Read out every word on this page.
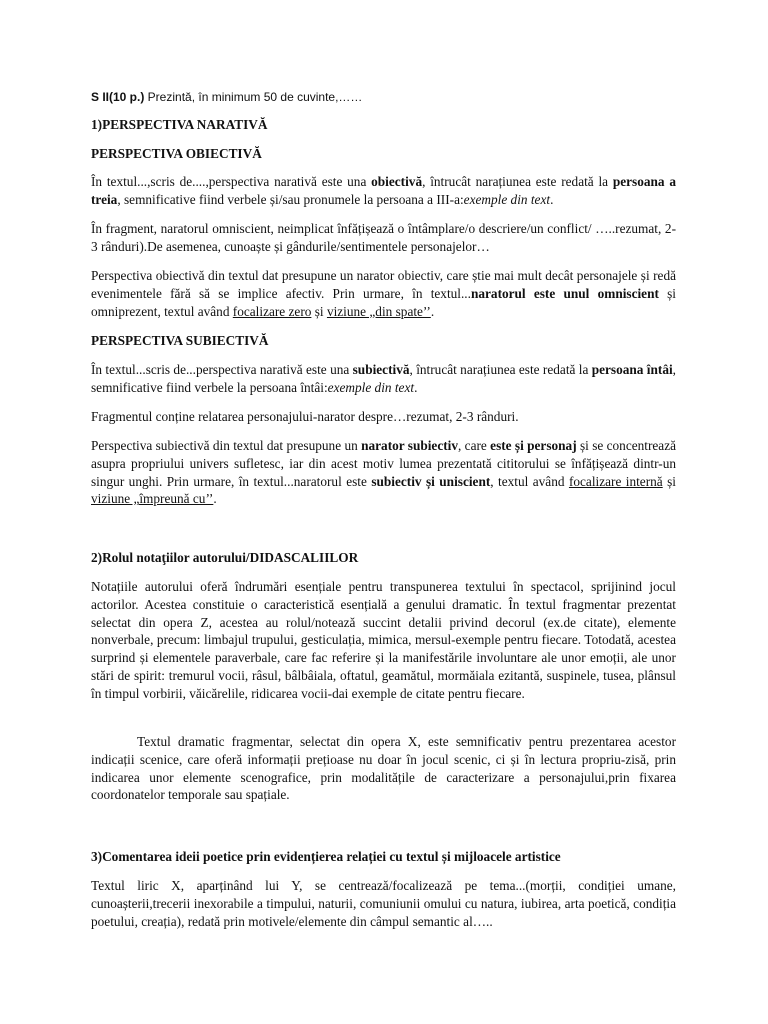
S II(10 p.) Prezintă, în minimum 50 de cuvinte,……

1)PERSPECTIVA NARATIVĂ

PERSPECTIVA OBIECTIVĂ

În textul...,scris de....,perspectiva narativă este una obiectivă, întrucât narațiunea este redată la persoana a treia, semnificative fiind verbele și/sau pronumele la persoana a III-a:exemple din text.

În fragment, naratorul omniscient, neimplicat înfățișează o întâmplare/o descriere/un conflict/ …..rezumat, 2-3 rânduri).De asemenea, cunoaște și gândurile/sentimentele personajelor…

Perspectiva obiectivă din textul dat presupune un narator obiectiv, care știe mai mult decât personajele și redă evenimentele fără să se implice afectiv. Prin urmare, în textul...naratorul este unul omniscient și omniprezent, textul având focalizare zero și viziune „din spate’’.

PERSPECTIVA SUBIECTIVĂ

În textul...scris de...perspectiva narativă este una subiectivă, întrucât narațiunea este redată la persoana întâi, semnificative fiind verbele la persoana întâi:exemple din text.

Fragmentul conține relatarea personajului-narator despre…rezumat, 2-3 rânduri.

Perspectiva subiectivă din textul dat presupune un narator subiectiv, care este și personaj și se concentrează asupra propriului univers sufletesc, iar din acest motiv lumea prezentată cititorului se înfățișează dintr-un singur unghi. Prin urmare, în textul...naratorul este subiectiv și uniscient, textul având focalizare internă și viziune „împreună cu’’.

2)Rolul notaţiilor autorului/DIDASCALIILOR

Notațiile autorului oferă îndrumări esențiale pentru transpunerea textului în spectacol, sprijinind jocul actorilor. Acestea constituie o caracteristică esențială a genului dramatic. În textul fragmentar prezentat selectat din opera Z, acestea au rolul/notează succint detalii privind decorul (ex.de citate), elemente nonverbale, precum: limbajul trupului, gesticulația, mimica, mersul-exemple pentru fiecare. Totodată, acestea surprind și elementele paraverbale, care fac referire și la manifestările involuntare ale unor emoții, ale unor stări de spirit: tremurul vocii, râsul, bâlbâiala, oftatul, geamătul, mormăiala ezitantă, suspinele, tusea, plânsul în timpul vorbirii, văicărelile, ridicarea vocii-dai exemple de citate pentru fiecare.

Textul dramatic fragmentar, selectat din opera X, este semnificativ pentru prezentarea acestor indicații scenice, care oferă informații prețioase nu doar în jocul scenic, ci și în lectura propriu-zisă, prin indicarea unor elemente scenografice, prin modalitățile de caracterizare a personajului,prin fixarea coordonatelor temporale sau spațiale.

3)Comentarea ideii poetice prin evidențierea relației cu textul și mijloacele artistice

Textul liric X, aparținând lui Y, se centrează/focalizează pe tema...(morții, condiției umane, cunoașterii,trecerii inexorabile a timpului, naturii, comuniunii omului cu natura, iubirea, arta poetică, condiția poetului, creația), redată prin motivele/elemente din câmpul semantic al…..
